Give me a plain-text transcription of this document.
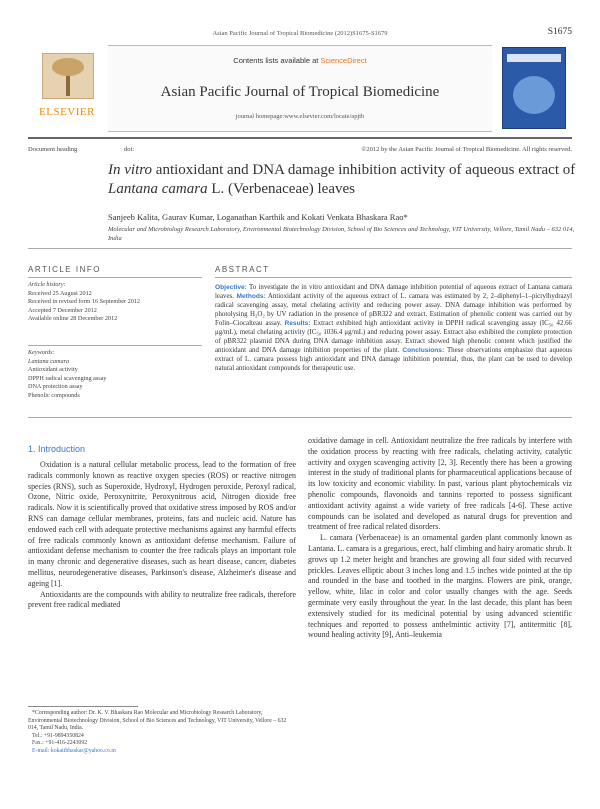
Asian Pacific Journal of Tropical Biomedicine (2012)S1675-S1679	S1675
ELSEVIER
Contents lists available at ScienceDirect
Asian Pacific Journal of Tropical Biomedicine
journal homepage:www.elsevier.com/locate/apjtb
Document heading	doi:	©2012 by the Asian Pacific Journal of Tropical Biomedicine. All rights reserved.
In vitro antioxidant and DNA damage inhibition activity of aqueous extract of Lantana camara L. (Verbenaceae) leaves
Sanjeeb Kalita, Gaurav Kumar, Loganathan Karthik and Kokati Venkata Bhaskara Rao*
Molecular and Microbiology Research Laboratory, Environmental Biotechnology Division, School of Bio Sciences and Technology, VIT University, Vellore, Tamil Nadu – 632 014, India
ARTICLE INFO	ABSTRACT
Article history:
Received 25 August 2012
Received in revised form 16 September 2012
Accepted 7 December 2012
Available online 28 December 2012
Keywords:
Lantana camara
Antioxidant activity
DPPH radical scavenging assay
DNA protection assay
Phenolic compounds
Objective: To investigate the in vitro antioxidant and DNA damage inhibition potential of aqueous extract of Lantana camara leaves. Methods: Antioxidant activity of the aqueous extract of L. camara was estimated by 2, 2–diphenyl–1–picrylhydrazyl radical scavenging assay, metal chelating activity and reducing power assay. DNA damage inhibition was performed by photolysing H₂O₂ by UV radiation in the presence of pBR322 and extract. Estimation of phenolic content was carried out by Folin–Ciocalteau assay. Results: Extract exhibited high antioxidant activity in DPPH radical scavenging assay (IC₅₀ 42.66 μg/mL), metal chelating activity (IC₅₀ 1036.4 μg/mL) and reducing power assay. Extract also exhibited the complete protection of pBR322 plasmid DNA during DNA damage inhibition assay. Extract showed high phenolic content which justified the antioxidant and DNA damage inhibition properties of the plant. Conclusions: These observations emphasize that aqueous extract of L. camara possess high antioxidant and DNA damage inhibition potential, thus, the plant can be used to develop natural antioxidant compounds for therapeutic use.
1. Introduction

Oxidation is a natural cellular metabolic process, lead to the formation of free radicals commonly known as reactive oxygen species (ROS) or reactive nitrogen species (RNS), such as Superoxide, Hydroxyl, Hydrogen peroxide, Peroxyl radical, Ozone, Nitric oxide, Peroxynitrite, Peroxynitrous acid, Nitrogen dioxide free radicals. Now it is scientifically proved that oxidative stress imposed by ROS and/or RNS can damage cellular membranes, proteins, fats and nucleic acid. Nature has endowed each cell with adequate protective mechanisms against any harmful effects of free radicals commonly known as antioxidant defense mechanism. Failure of antioxidant defense mechanism to counter the free radicals plays an important role in many chronic and degenerative diseases, such as heart disease, cancer, diabetes mellitus, neurodegenerative diseases, Parkinson's disease, Alzheimer's disease and ageing [1].

Antioxidants are the compounds with ability to neutralize free radicals, therefore prevent free radical mediated

oxidative damage in cell. Antioxidant neutralize the free radicals by interfere with the oxidation process by reacting with free radicals, chelating activity, catalytic activity and oxygen scavenging activity [2, 3]. Recently there has been a growing interest in the study of traditional plants for pharmaceutical applications because of its low toxicity and economic viability. In past, various plant phytochemicals viz phenolic compounds, flavonoids and tannins reported to possess significant antioxidant activity against a wide variety of free radicals [4-6]. These active compounds can be isolated and developed as natural drugs for prevention and treatment of free radical related disorders.

L. camara (Verbenaceae) is an ornamental garden plant commonly known as Lantana. L. camara is a gregarious, erect, half climbing and hairy aromatic shrub. It grows up 1.2 meter height and branches are growing all four sided with recurved prickles. Leaves elliptic about 3 inches long and 1.5 inches wide pointed at the tip and rounded in the base and toothed in the margins. Flowers are pink, orange, yellow, white, lilac in color and color usually changes with the age. Seeds germinate very easily throughout the year. In the last decade, this plant has been extensively studied for its medicinal potential by using advanced scientific techniques and reported to possess anthelmintic activity [7], antitermitic [8], wound healing activity [9], Anti–leukemia

*Corresponding author: Dr. K. V. Bhaskara Rao Molecular and Microbiology Research Laboratory, Environmental Biotechnology Division, School of Bio Sciences and Technology, VIT University, Vellore – 632 014, Tamil Nadu, India.

Tel.: +91-9894350824

Fax.: +91-416-2243092

E-mail: kokatibhaskar@yahoo.co.in
